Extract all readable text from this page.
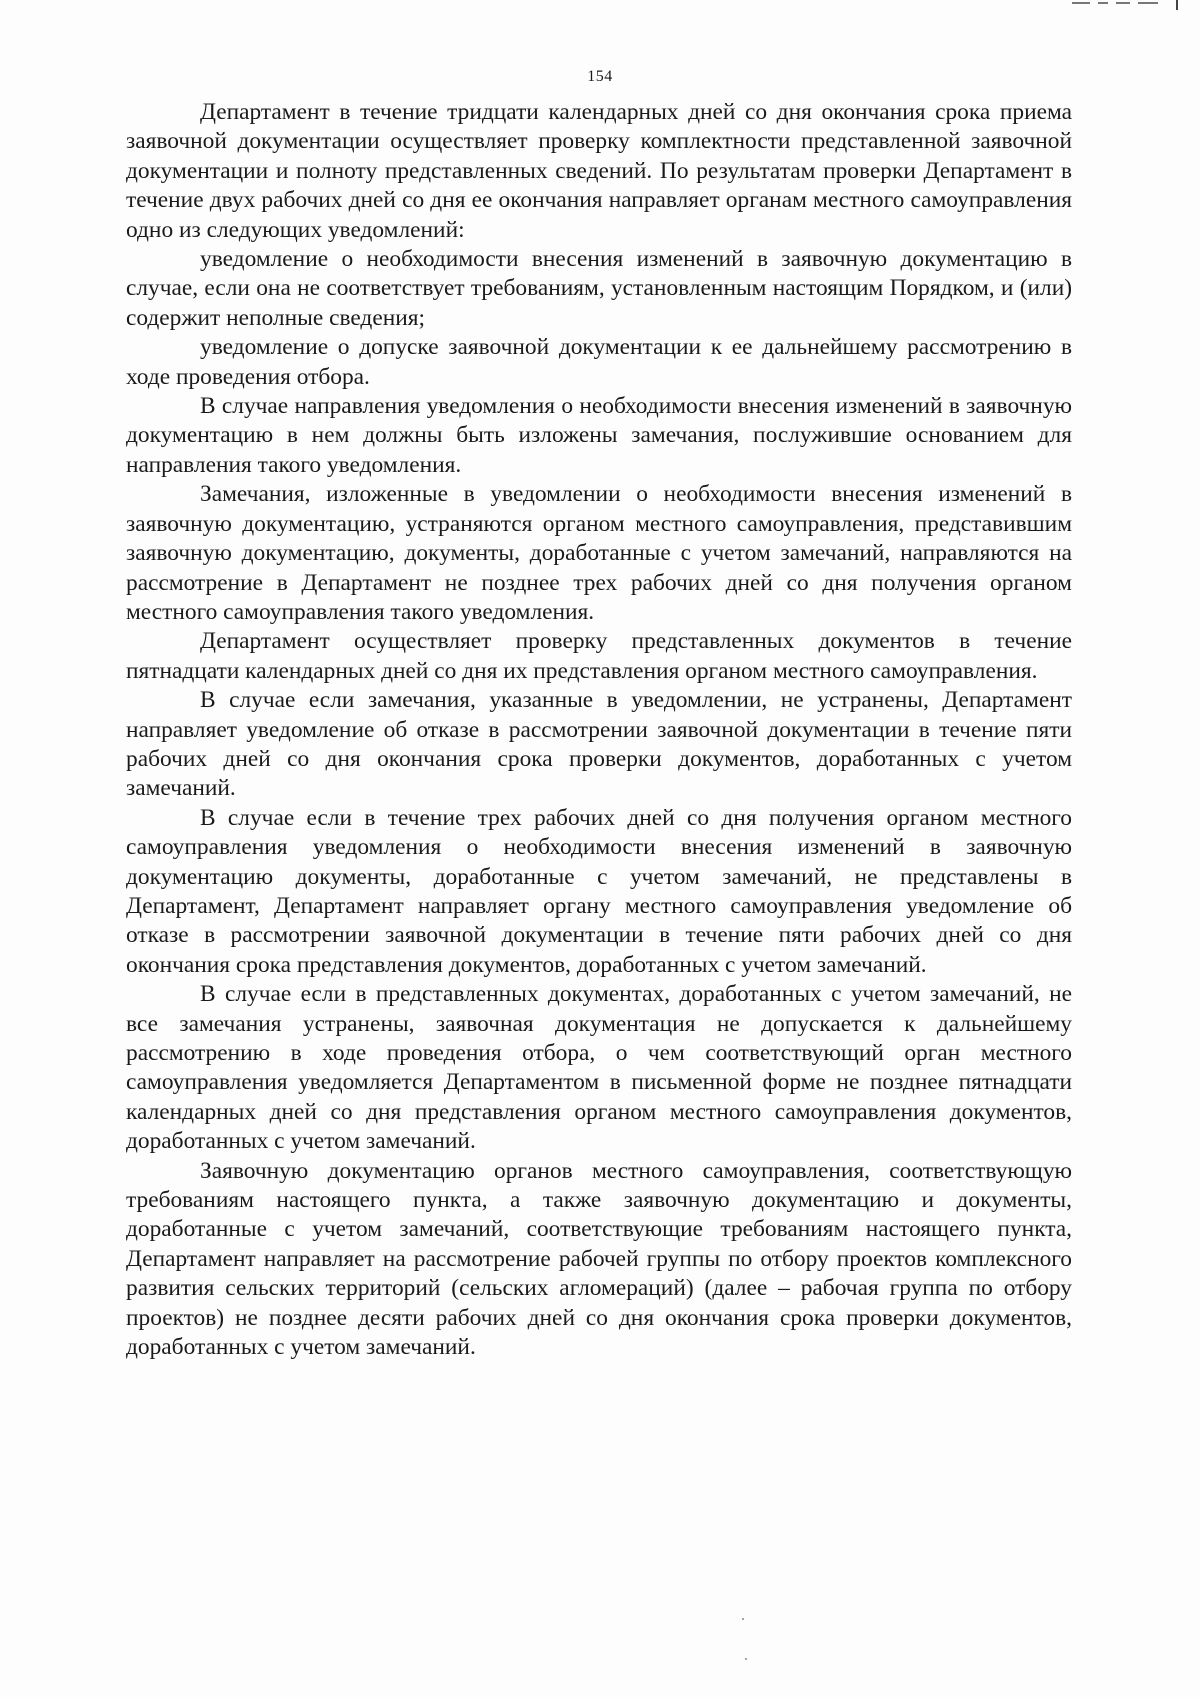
154

Департамент в течение тридцати календарных дней со дня окончания срока приема заявочной документации осуществляет проверку комплектности представленной заявочной документации и полноту представленных сведений. По результатам проверки Департамент в течение двух рабочих дней со дня ее окончания направляет органам местного самоуправления одно из следующих уведомлений:

уведомление о необходимости внесения изменений в заявочную документацию в случае, если она не соответствует требованиям, установленным настоящим Порядком, и (или) содержит неполные сведения;

уведомление о допуске заявочной документации к ее дальнейшему рассмотрению в ходе проведения отбора.

В случае направления уведомления о необходимости внесения изменений в заявочную документацию в нем должны быть изложены замечания, послужившие основанием для направления такого уведомления.

Замечания, изложенные в уведомлении о необходимости внесения изменений в заявочную документацию, устраняются органом местного самоуправления, представившим заявочную документацию, документы, доработанные с учетом замечаний, направляются на рассмотрение в Департамент не позднее трех рабочих дней со дня получения органом местного самоуправления такого уведомления.

Департамент осуществляет проверку представленных документов в течение пятнадцати календарных дней со дня их представления органом местного самоуправления.

В случае если замечания, указанные в уведомлении, не устранены, Департамент направляет уведомление об отказе в рассмотрении заявочной документации в течение пяти рабочих дней со дня окончания срока проверки документов, доработанных с учетом замечаний.

В случае если в течение трех рабочих дней со дня получения органом местного самоуправления уведомления о необходимости внесения изменений в заявочную документацию документы, доработанные с учетом замечаний, не представлены в Департамент, Департамент направляет органу местного самоуправления уведомление об отказе в рассмотрении заявочной документации в течение пяти рабочих дней со дня окончания срока представления документов, доработанных с учетом замечаний.

В случае если в представленных документах, доработанных с учетом замечаний, не все замечания устранены, заявочная документация не допускается к дальнейшему рассмотрению в ходе проведения отбора, о чем соответствующий орган местного самоуправления уведомляется Департаментом в письменной форме не позднее пятнадцати календарных дней со дня представления органом местного самоуправления документов, доработанных с учетом замечаний.

Заявочную документацию органов местного самоуправления, соответствующую требованиям настоящего пункта, а также заявочную документацию и документы, доработанные с учетом замечаний, соответствующие требованиям настоящего пункта, Департамент направляет на рассмотрение рабочей группы по отбору проектов комплексного развития сельских территорий (сельских агломераций) (далее – рабочая группа по отбору проектов) не позднее десяти рабочих дней со дня окончания срока проверки документов, доработанных с учетом замечаний.
